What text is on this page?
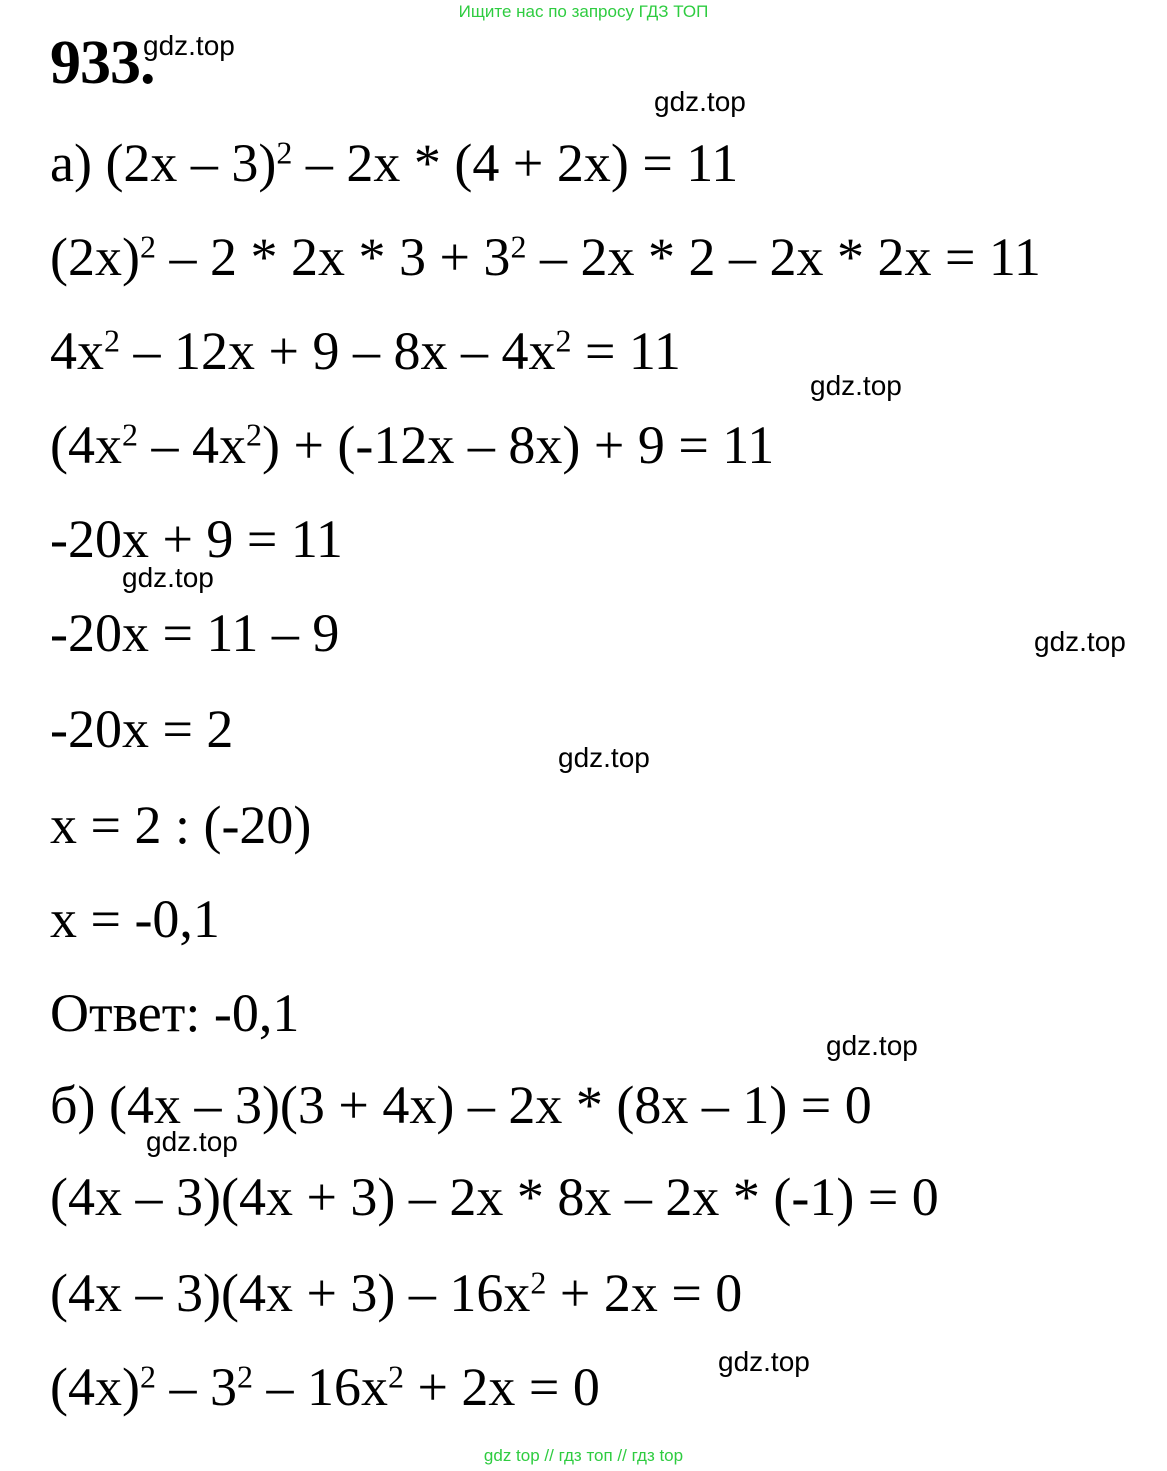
Ищите нас по запросу ГДЗ ТОП
933.
а) (2x – 3)$^2$ – 2x * (4 + 2x) = 11
$(2x)^2 - 2 * 2x * 3 + 3^2 - 2x * 2 - 2x * 2x = 11$
$4x^2 - 12x + 9 - 8x - 4x^2 = 11$
$(4x^2 - 4x^2) + (-12x - 8x) + 9 = 11$
-20x + 9 = 11
-20x = 11 – 9
-20x = 2
x = 2 : (-20)
x = -0,1
Ответ: -0,1
б) (4x – 3)(3 + 4x) – 2x * (8x – 1) = 0
(4x – 3)(4x + 3) – 2x * 8x – 2x * (-1) = 0
$(4x - 3)(4x + 3) - 16x^2 + 2x = 0$
$(4x)^2 - 3^2 - 16x^2 + 2x = 0$
gdz.top
gdz.top
gdz.top
gdz.top
gdz.top
gdz.top
gdz.top
gdz.top
gdz.top
gdz top // гдз топ // гдз top
